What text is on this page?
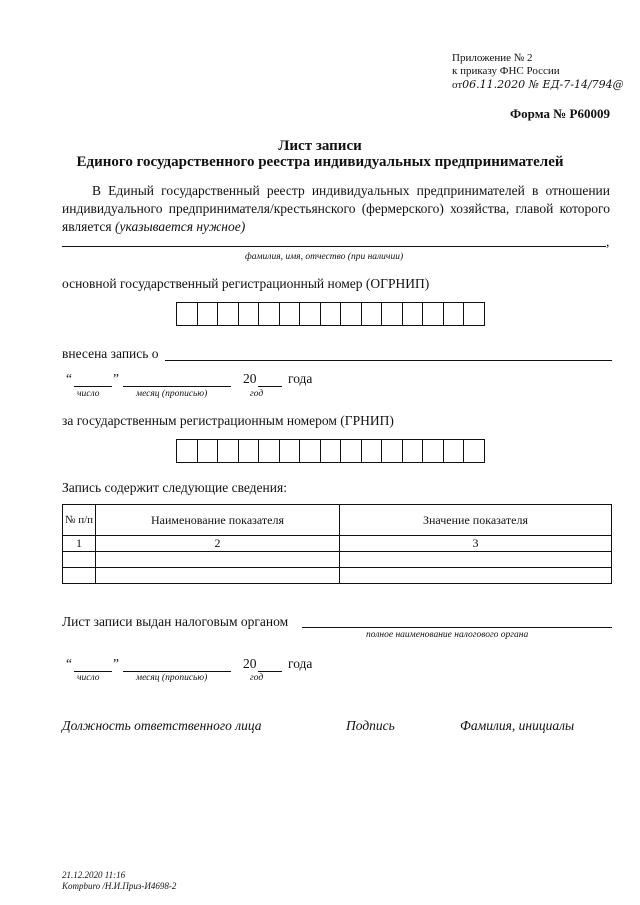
Приложение № 2
к приказу ФНС России
от06.11.2020 № ЕД-7-14/794@
Форма № Р60009
Лист записи
Единого государственного реестра индивидуальных предпринимателей
В Единый государственный реестр индивидуальных предпринимателей в отношении индивидуального предпринимателя/крестьянского (фермерского) хозяйства, главой которого является (указывается нужное)
,
фамилия, имя, отчество (при наличии)
основной государственный регистрационный номер (ОГРНИП)
внесена запись о
“	”	20 года
число	месяц (прописью)	год
за государственным регистрационным номером (ГРНИП)
Запись содержит следующие сведения:
№ п/п	Наименование показателя	Значение показателя
1	2	3

Лист записи выдан налоговым органом
полное наименование налогового органа
“	”	20 года
число	месяц (прописью)	год
Должность ответственного лица	Подпись	Фамилия, инициалы
21.12.2020 11:16
Kompburo /Н.И.Приз-И4698-2
